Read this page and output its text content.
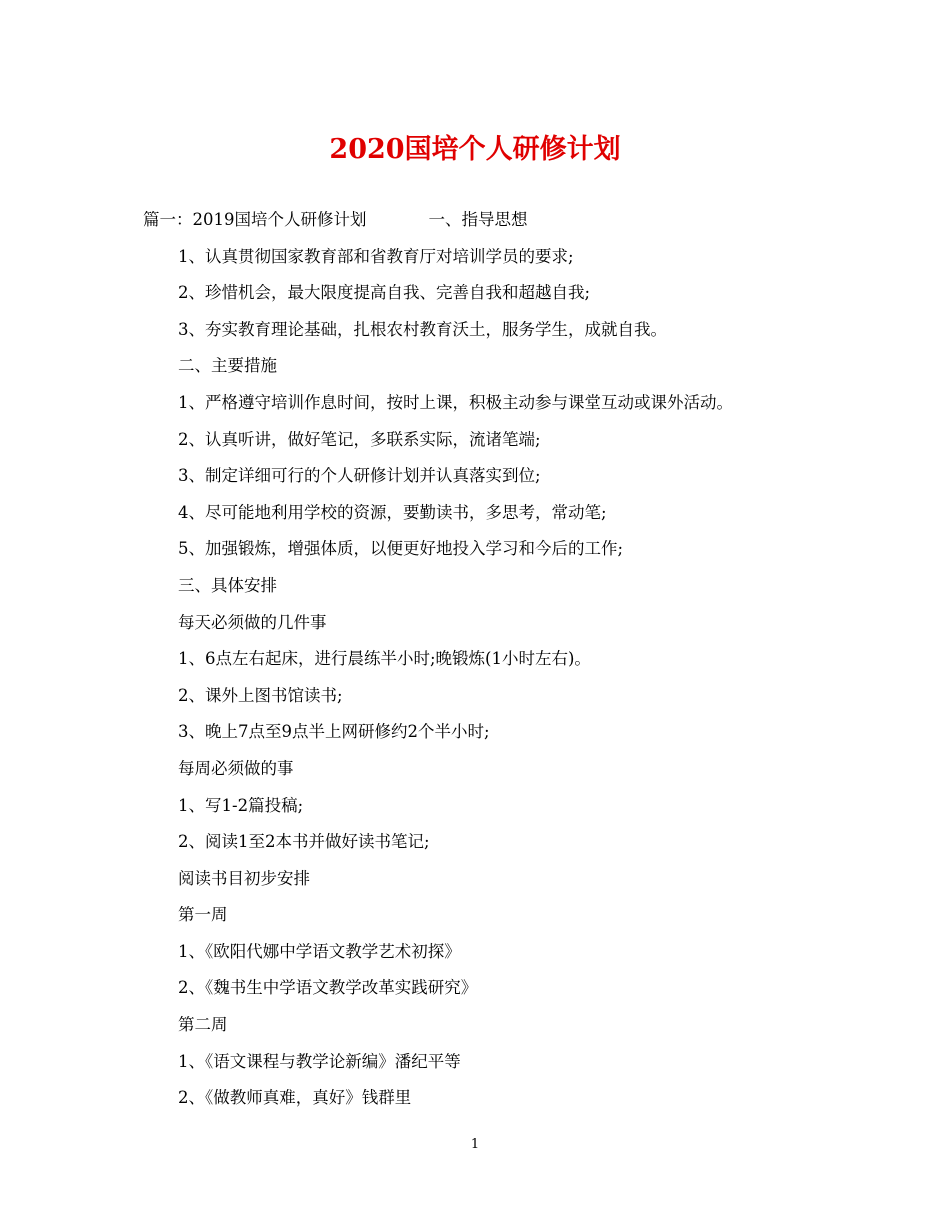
2020国培个人研修计划
篇一：2019国培个人研修计划	一、指导思想
1、认真贯彻国家教育部和省教育厅对培训学员的要求;
2、珍惜机会，最大限度提高自我、完善自我和超越自我;
3、夯实教育理论基础，扎根农村教育沃土，服务学生，成就自我。
二、主要措施
1、严格遵守培训作息时间，按时上课，积极主动参与课堂互动或课外活动。
2、认真听讲，做好笔记，多联系实际，流诸笔端;
3、制定详细可行的个人研修计划并认真落实到位;
4、尽可能地利用学校的资源，要勤读书，多思考，常动笔;
5、加强锻炼，增强体质，以便更好地投入学习和今后的工作;
三、具体安排
每天必须做的几件事
1、6点左右起床，进行晨练半小时;晚锻炼(1小时左右)。
2、课外上图书馆读书;
3、晚上7点至9点半上网研修约2个半小时;
每周必须做的事
1、写1-2篇投稿;
2、阅读1至2本书并做好读书笔记;
阅读书目初步安排
第一周
1、《欧阳代娜中学语文教学艺术初探》
2、《魏书生中学语文教学改革实践研究》
第二周
1、《语文课程与教学论新编》潘纪平等
2、《做教师真难，真好》钱群里
1
